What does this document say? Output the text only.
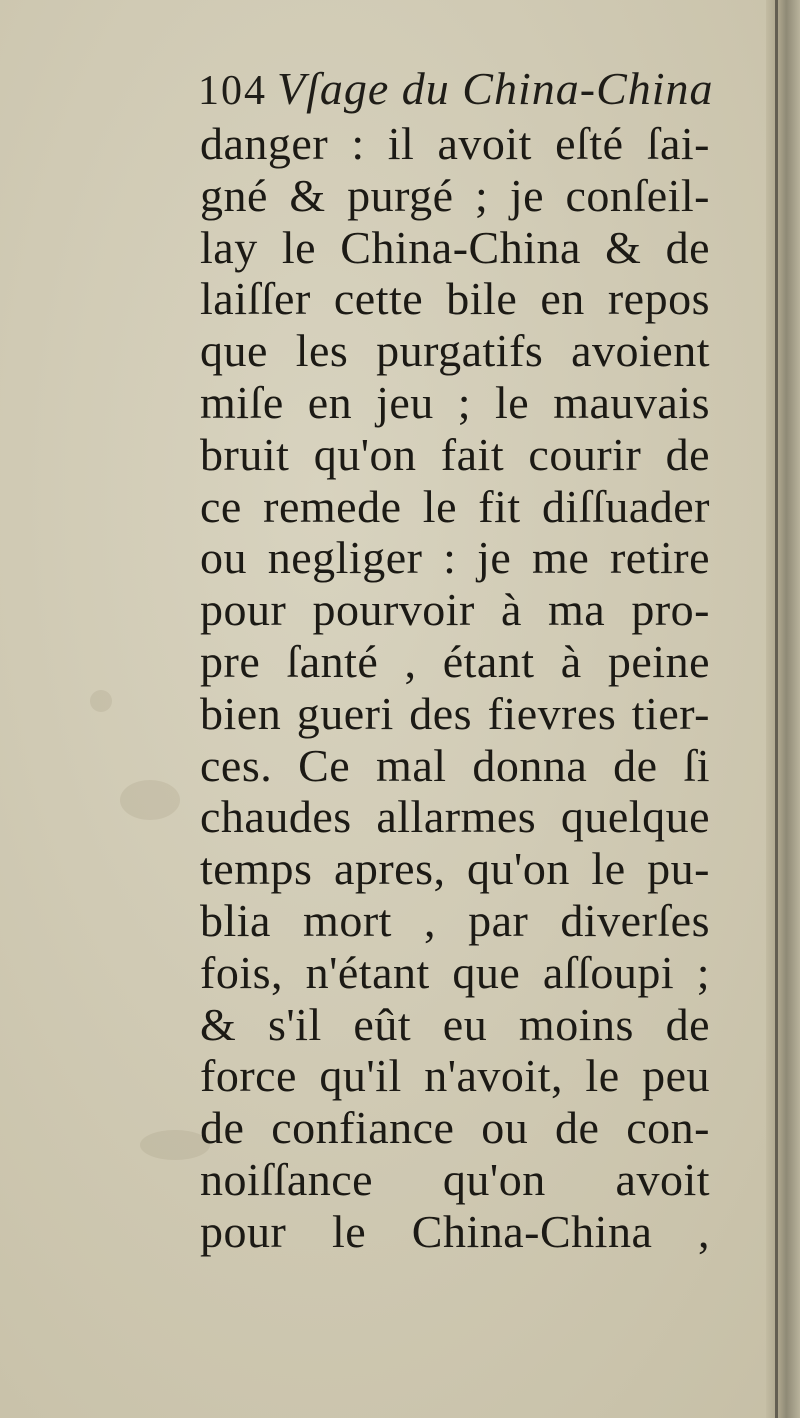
104 Vſage du China-China
danger : il avoit eſté ſai-
gné & purgé ; je conſeil-
lay le China-China & de
laiſſer cette bile en repos
que les purgatifs avoient
miſe en jeu ; le mauvais
bruit qu'on fait courir de
ce remede le fit diſſuader
ou negliger : je me retire
pour pourvoir à ma pro-
pre ſanté , étant à peine
bien gueri des fievres tier-
ces. Ce mal donna de ſi
chaudes allarmes quelque
temps apres, qu'on le pu-
blia mort , par diverſes
fois, n'étant que aſſoupi ;
& s'il eût eu moins de
force qu'il n'avoit, le peu
de confiance ou de con-
noiſſance qu'on avoit
pour le China-China ,
